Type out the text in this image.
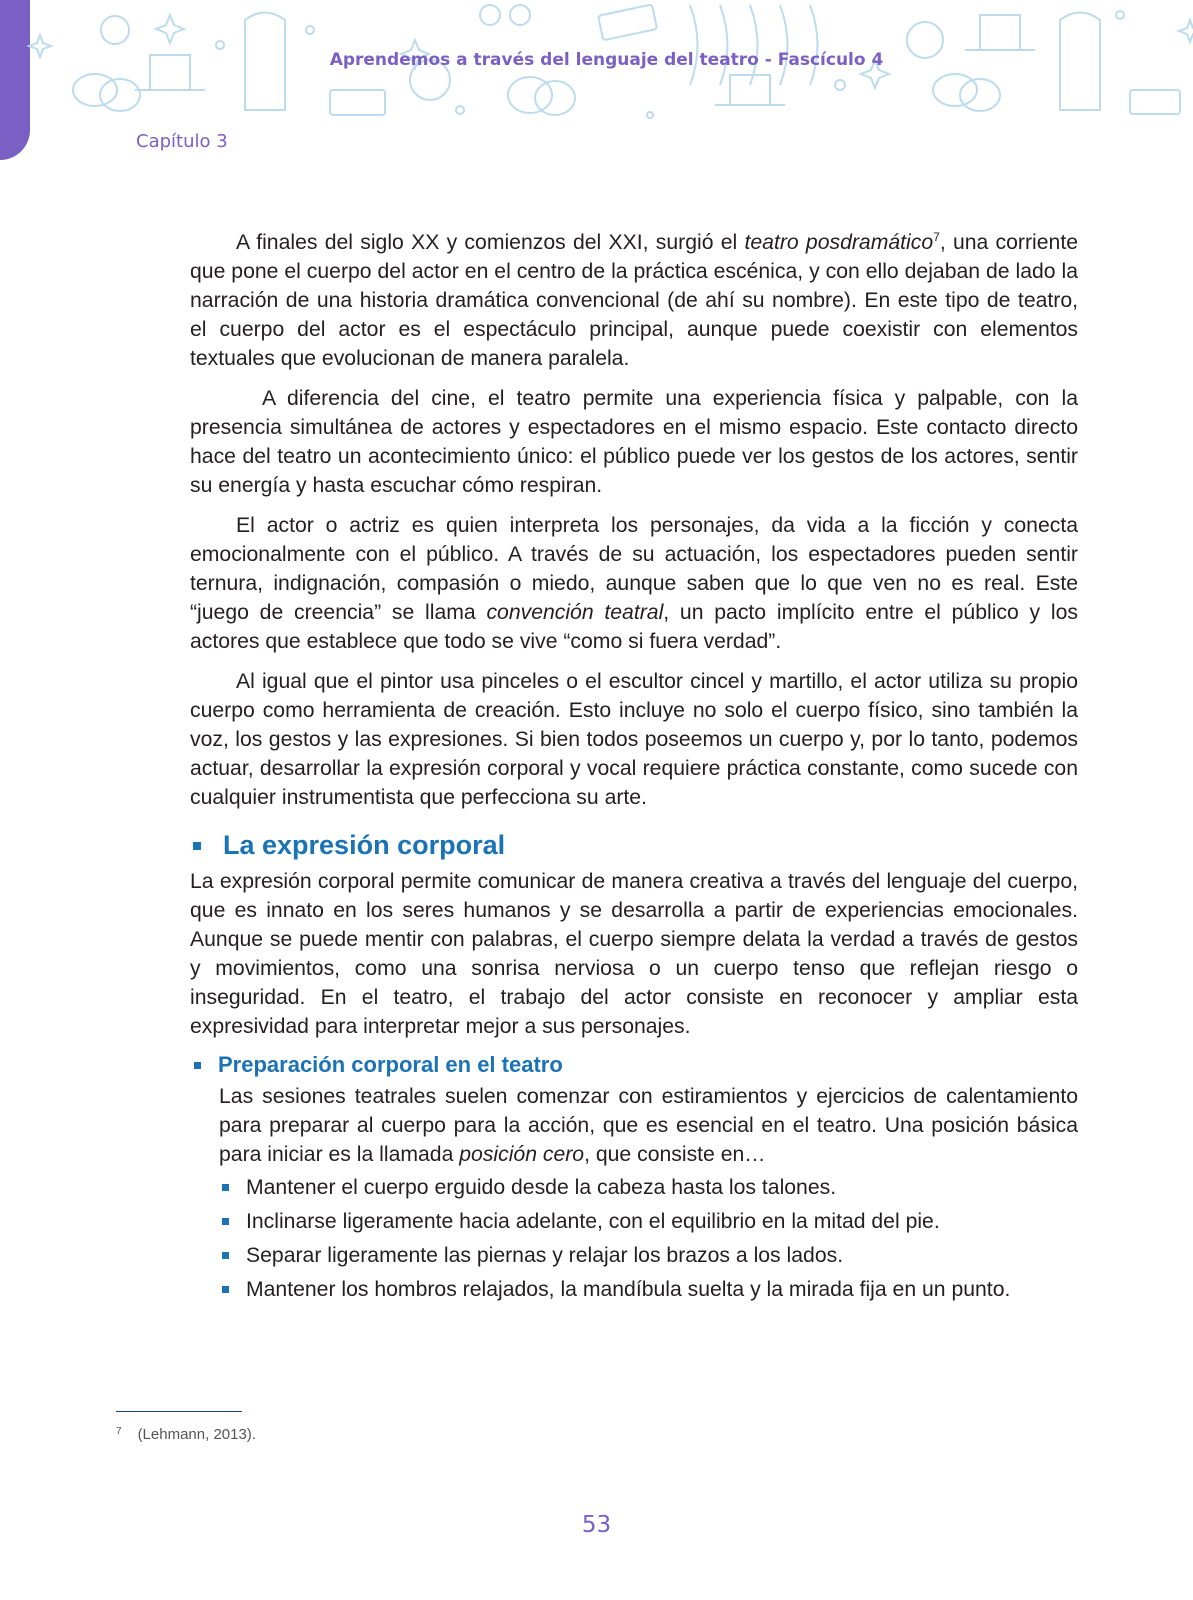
Aprendemos a través del lenguaje del teatro - Fascículo 4
Capítulo 3

A finales del siglo XX y comienzos del XXI, surgió el teatro posdramático$^7$, una corriente que pone el cuerpo del actor en el centro de la práctica escénica, y con ello dejaban de lado la narración de una historia dramática convencional (de ahí su nombre). En este tipo de teatro, el cuerpo del actor es el espectáculo principal, aunque puede coexistir con elementos textuales que evolucionan de manera paralela.

A diferencia del cine, el teatro permite una experiencia física y palpable, con la presencia simultánea de actores y espectadores en el mismo espacio. Este contacto directo hace del teatro un acontecimiento único: el público puede ver los gestos de los actores, sentir su energía y hasta escuchar cómo respiran.

El actor o actriz es quien interpreta los personajes, da vida a la ficción y conecta emocionalmente con el público. A través de su actuación, los espectadores pueden sentir ternura, indignación, compasión o miedo, aunque saben que lo que ven no es real. Este “juego de creencia” se llama convención teatral, un pacto implícito entre el público y los actores que establece que todo se vive “como si fuera verdad”.

Al igual que el pintor usa pinceles o el escultor cincel y martillo, el actor utiliza su propio cuerpo como herramienta de creación. Esto incluye no solo el cuerpo físico, sino también la voz, los gestos y las expresiones. Si bien todos poseemos un cuerpo y, por lo tanto, podemos actuar, desarrollar la expresión corporal y vocal requiere práctica constante, como sucede con cualquier instrumentista que perfecciona su arte.

La expresión corporal

La expresión corporal permite comunicar de manera creativa a través del lenguaje del cuerpo, que es innato en los seres humanos y se desarrolla a partir de experiencias emocionales. Aunque se puede mentir con palabras, el cuerpo siempre delata la verdad a través de gestos y movimientos, como una sonrisa nerviosa o un cuerpo tenso que reflejan riesgo o inseguridad. En el teatro, el trabajo del actor consiste en reconocer y ampliar esta expresividad para interpretar mejor a sus personajes.

Preparación corporal en el teatro

Las sesiones teatrales suelen comenzar con estiramientos y ejercicios de calentamiento para preparar al cuerpo para la acción, que es esencial en el teatro. Una posición básica para iniciar es la llamada posición cero, que consiste en…

Mantener el cuerpo erguido desde la cabeza hasta los talones.
Inclinarse ligeramente hacia adelante, con el equilibrio en la mitad del pie.
Separar ligeramente las piernas y relajar los brazos a los lados.
Mantener los hombros relajados, la mandíbula suelta y la mirada fija en un punto.
$^7$ (Lehmann, 2013).
53
